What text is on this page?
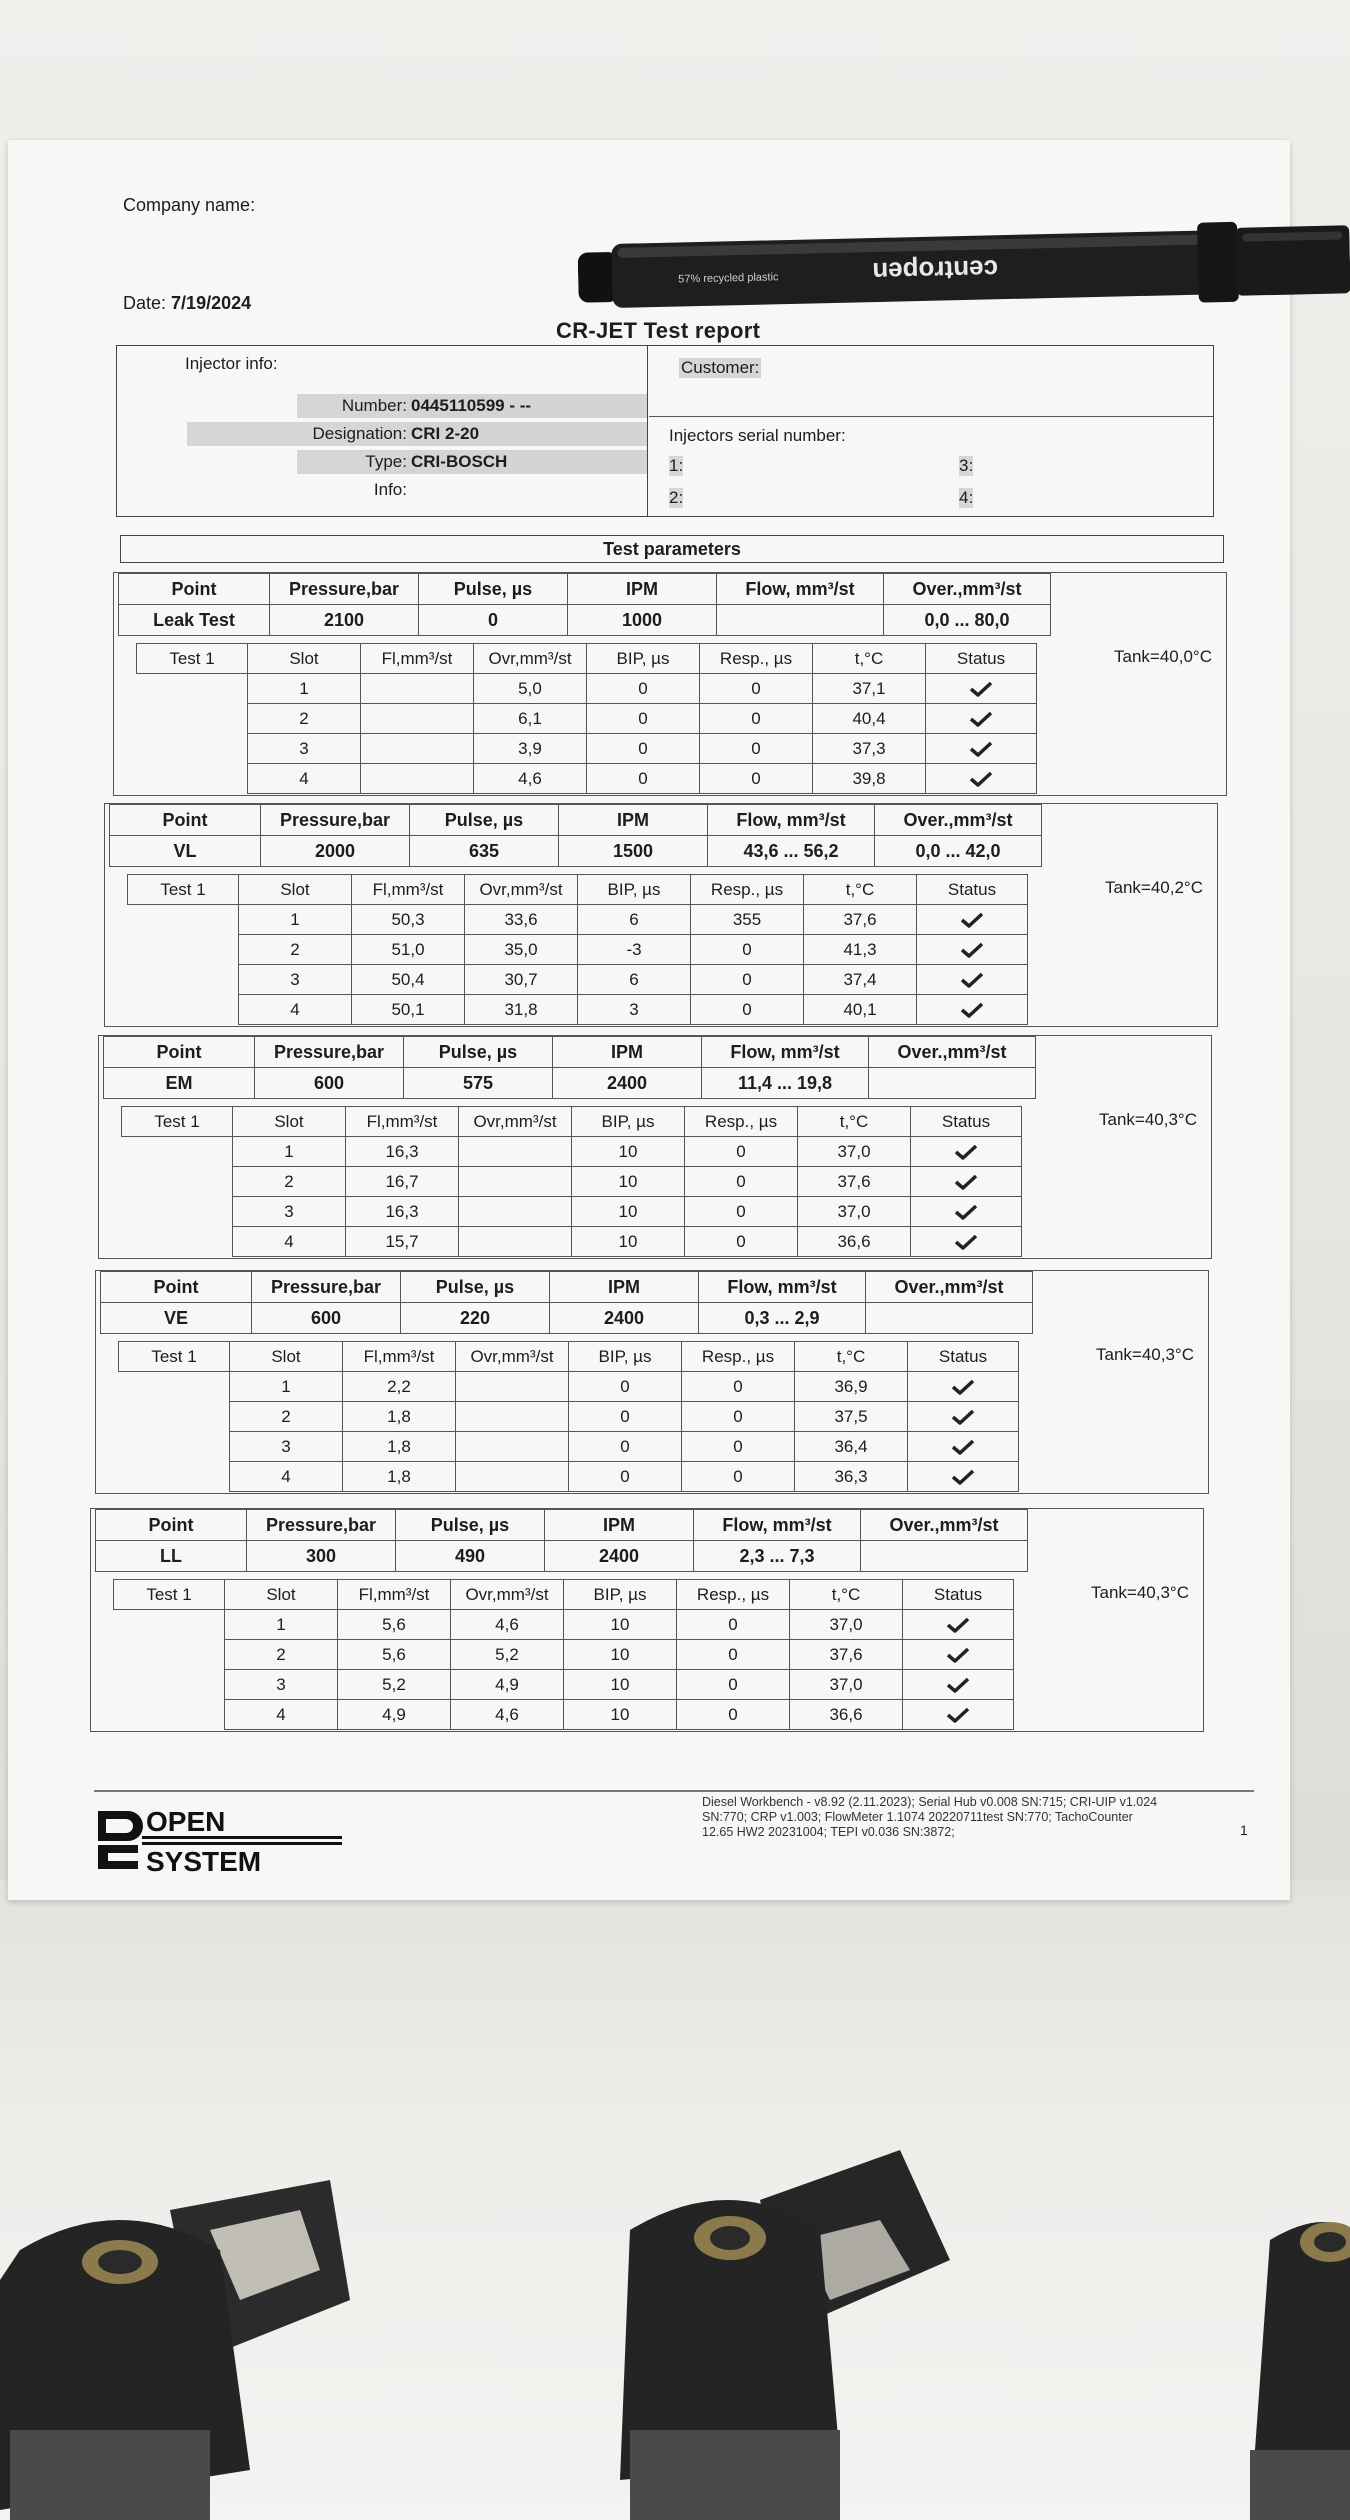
Company name:
Date: 7/19/2024
CR-JET Test report
Injector info:
Number: 0445110599 - --
Designation: CRI 2-20
Type: CRI-BOSCH
Info:
Customer:
Injectors serial number:
1:
2:
3:
4:
Test parameters
Point	Pressure,bar	Pulse, µs	IPM	Flow, mm³/st	Over.,mm³/st
Leak Test	2100	0	1000		0,0 ... 80,0
Test 1	Slot	Fl,mm³/st	Ovr,mm³/st	BIP, µs	Resp., µs	t,°C	Status
	1		5,0	0	0	37,1	
	2		6,1	0	0	40,4	
	3		3,9	0	0	37,3	
	4		4,6	0	0	39,8	
Tank=40,0°C
Point	Pressure,bar	Pulse, µs	IPM	Flow, mm³/st	Over.,mm³/st
VL	2000	635	1500	43,6 ... 56,2	0,0 ... 42,0
Test 1	Slot	Fl,mm³/st	Ovr,mm³/st	BIP, µs	Resp., µs	t,°C	Status
	1	50,3	33,6	6	355	37,6	
	2	51,0	35,0	-3	0	41,3	
	3	50,4	30,7	6	0	37,4	
	4	50,1	31,8	3	0	40,1	
Tank=40,2°C
Point	Pressure,bar	Pulse, µs	IPM	Flow, mm³/st	Over.,mm³/st
EM	600	575	2400	11,4 ... 19,8	
Test 1	Slot	Fl,mm³/st	Ovr,mm³/st	BIP, µs	Resp., µs	t,°C	Status
	1	16,3		10	0	37,0	
	2	16,7		10	0	37,6	
	3	16,3		10	0	37,0	
	4	15,7		10	0	36,6	
Tank=40,3°C
Point	Pressure,bar	Pulse, µs	IPM	Flow, mm³/st	Over.,mm³/st
VE	600	220	2400	0,3 ... 2,9	
Test 1	Slot	Fl,mm³/st	Ovr,mm³/st	BIP, µs	Resp., µs	t,°C	Status
	1	2,2		0	0	36,9	
	2	1,8		0	0	37,5	
	3	1,8		0	0	36,4	
	4	1,8		0	0	36,3	
Tank=40,3°C
Point	Pressure,bar	Pulse, µs	IPM	Flow, mm³/st	Over.,mm³/st
LL	300	490	2400	2,3 ... 7,3	
Test 1	Slot	Fl,mm³/st	Ovr,mm³/st	BIP, µs	Resp., µs	t,°C	Status
	1	5,6	4,6	10	0	37,0	
	2	5,6	5,2	10	0	37,6	
	3	5,2	4,9	10	0	37,0	
	4	4,9	4,6	10	0	36,6	
Tank=40,3°C
OPEN
SYSTEM
Diesel Workbench - v8.92 (2.11.2023); Serial Hub v0.008 SN:715; CRI-UIP v1.024
SN:770; CRP v1.003; FlowMeter 1.1074 20220711test SN:770; TachoCounter
12.65 HW2 20231004; TEPI v0.036 SN:3872;	1
centropen
57% recycled plastic
